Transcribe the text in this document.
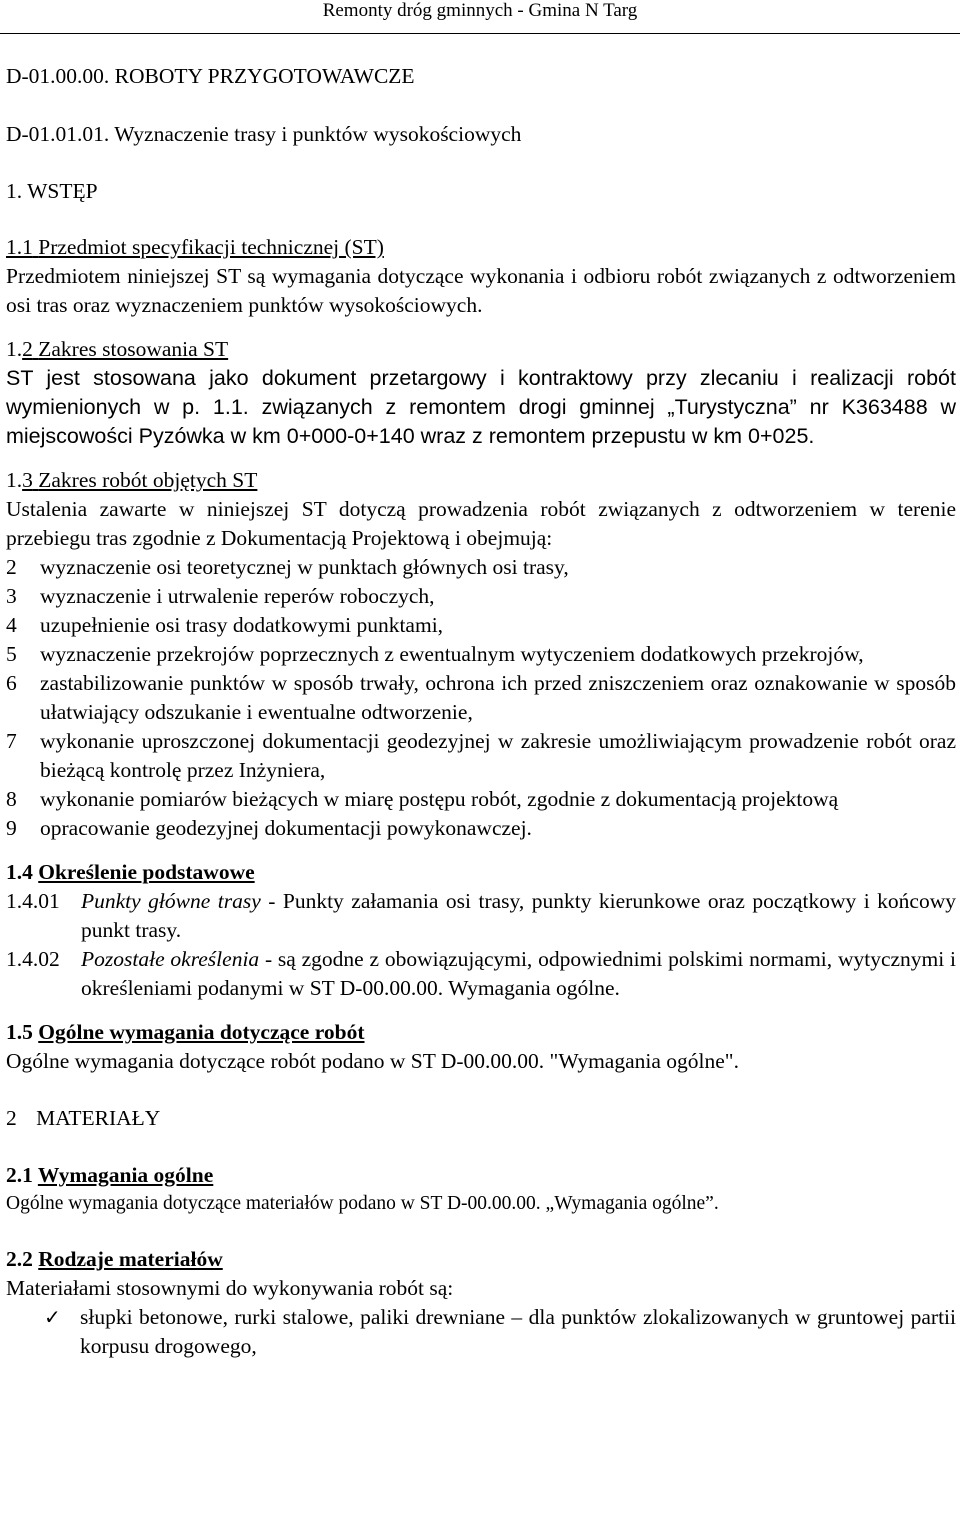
Remonty dróg gminnych - Gmina N Targ

D-01.00.00. ROBOTY PRZYGOTOWAWCZE

D-01.01.01. Wyznaczenie trasy i punktów wysokościowych

1. WSTĘP

1.1 Przedmiot specyfikacji technicznej (ST)

Przedmiotem niniejszej ST są wymagania dotyczące wykonania i odbioru robót związanych z odtworzeniem osi tras oraz wyznaczeniem punktów wysokościowych.

1.2 Zakres stosowania ST

ST jest stosowana jako dokument przetargowy i kontraktowy przy zlecaniu i realizacji robót wymienionych w p. 1.1. związanych z remontem drogi gminnej „Turystyczna” nr K363488 w miejscowości Pyzówka w km 0+000-0+140 wraz z remontem przepustu w km 0+025.

1.3 Zakres robót objętych ST

Ustalenia zawarte w niniejszej ST dotyczą prowadzenia robót związanych z odtworzeniem w terenie przebiegu tras zgodnie z Dokumentacją Projektową i obejmują:

2	wyznaczenie osi teoretycznej w punktach głównych osi trasy,
3	wyznaczenie i utrwalenie reperów roboczych,
4	uzupełnienie osi trasy dodatkowymi punktami,
5	wyznaczenie przekrojów poprzecznych z ewentualnym wytyczeniem dodatkowych przekrojów,
6	zastabilizowanie punktów w sposób trwały, ochrona ich przed zniszczeniem oraz oznakowanie w sposób ułatwiający odszukanie i ewentualne odtworzenie,
7	wykonanie uproszczonej dokumentacji geodezyjnej w zakresie umożliwiającym prowadzenie robót oraz bieżącą kontrolę przez Inżyniera,
8	wykonanie pomiarów bieżących w miarę postępu robót, zgodnie z dokumentacją projektową
9	opracowanie geodezyjnej dokumentacji powykonawczej.

1.4 Określenie podstawowe

1.4.01 Punkty główne trasy - Punkty załamania osi trasy, punkty kierunkowe oraz początkowy i końcowy punkt trasy.
1.4.02 Pozostałe określenia - są zgodne z obowiązującymi, odpowiednimi polskimi normami, wytycznymi i określeniami podanymi w ST D-00.00.00. Wymagania ogólne.

1.5 Ogólne wymagania dotyczące robót

Ogólne wymagania dotyczące robót podano w ST D-00.00.00. "Wymagania ogólne".

2 MATERIAŁY

2.1 Wymagania ogólne

Ogólne wymagania dotyczące materiałów podano w ST D-00.00.00. „Wymagania ogólne”.

2.2 Rodzaje materiałów

Materiałami stosownymi do wykonywania robót są:

✓ słupki betonowe, rurki stalowe, paliki drewniane – dla punktów zlokalizowanych w gruntowej partii korpusu drogowego,
